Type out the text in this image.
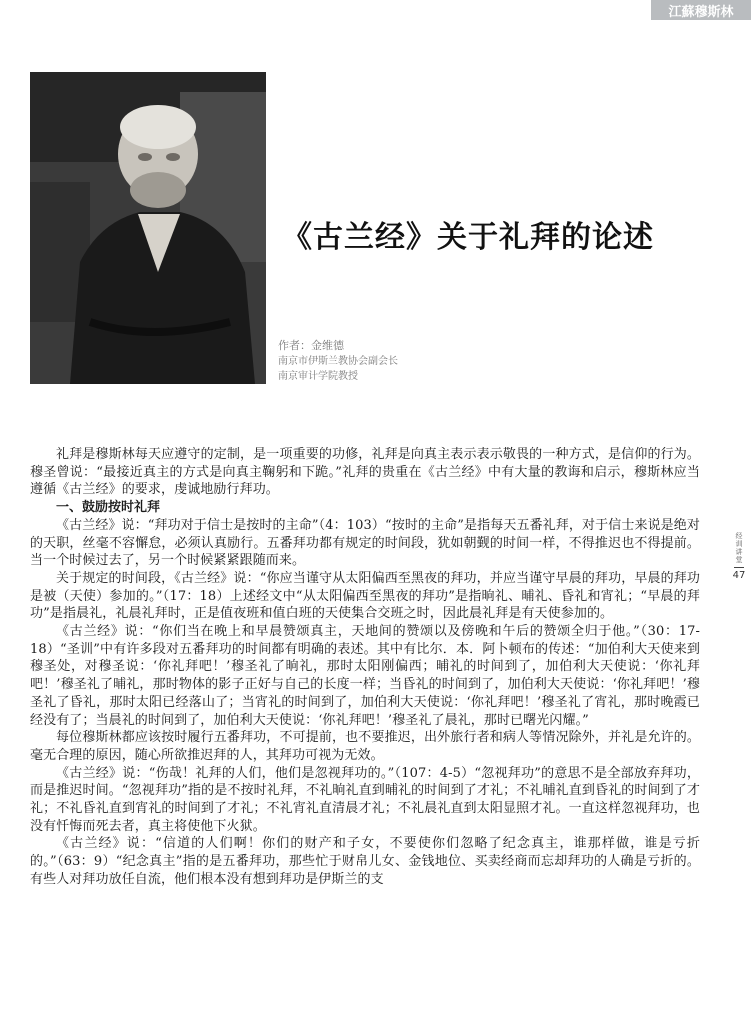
江蘇穆斯林
《古兰经》关于礼拜的论述
作者：金维德
南京市伊斯兰教协会副会长
南京审计学院教授
经训讲堂
47

礼拜是穆斯林每天应遵守的定制，是一项重要的功修，礼拜是向真主表示表示敬畏的一种方式，是信仰的行为。穆圣曾说：“最接近真主的方式是向真主鞠躬和下跪。”礼拜的贵重在《古兰经》中有大量的教诲和启示，穆斯林应当遵循《古兰经》的要求，虔诚地励行拜功。

一、鼓励按时礼拜

《古兰经》说：“拜功对于信士是按时的主命”（4：103）“按时的主命”是指每天五番礼拜，对于信士来说是绝对的天职，丝毫不容懈怠，必须认真励行。五番拜功都有规定的时间段，犹如朝觐的时间一样，不得推迟也不得提前。当一个时候过去了，另一个时候紧紧跟随而来。

关于规定的时间段，《古兰经》说：“你应当谨守从太阳偏西至黑夜的拜功，并应当谨守早晨的拜功，早晨的拜功是被（天使）参加的。”（17：18）上述经文中“从太阳偏西至黑夜的拜功”是指晌礼、晡礼、昏礼和宵礼；“早晨的拜功”是指晨礼，礼晨礼拜时，正是值夜班和值白班的天使集合交班之时，因此晨礼拜是有天使参加的。

《古兰经》说：“你们当在晚上和早晨赞颂真主，天地间的赞颂以及傍晚和午后的赞颂全归于他。”（30：17-18）“圣训”中有许多段对五番拜功的时间都有明确的表述。其中有比尔．本．阿卜顿布的传述：“加伯利大天使来到穆圣处，对穆圣说：‘你礼拜吧！’穆圣礼了晌礼，那时太阳刚偏西；晡礼的时间到了，加伯利大天使说：‘你礼拜吧！’穆圣礼了晡礼，那时物体的影子正好与自己的长度一样；当昏礼的时间到了，加伯利大天使说：‘你礼拜吧！’穆圣礼了昏礼，那时太阳已经落山了；当宵礼的时间到了，加伯利大天使说：‘你礼拜吧！’穆圣礼了宵礼，那时晚霞已经没有了；当晨礼的时间到了，加伯利大天使说：‘你礼拜吧！’穆圣礼了晨礼，那时已曙光闪耀。”

每位穆斯林都应该按时履行五番拜功，不可提前，也不要推迟，出外旅行者和病人等情况除外，并礼是允许的。毫无合理的原因，随心所欲推迟拜的人，其拜功可视为无效。

《古兰经》说：“伤哉！礼拜的人们，他们是忽视拜功的。”（107：4-5）“忽视拜功”的意思不是全部放弃拜功，而是推迟时间。“忽视拜功”指的是不按时礼拜，不礼晌礼直到晡礼的时间到了才礼；不礼晡礼直到昏礼的时间到了才礼；不礼昏礼直到宵礼的时间到了才礼；不礼宵礼直清晨才礼；不礼晨礼直到太阳显照才礼。一直这样忽视拜功，也没有忏悔而死去者，真主将使他下火狱。

《古兰经》说：“信道的人们啊！你们的财产和子女，不要使你们忽略了纪念真主，谁那样做，谁是亏折的。”（63：9）“纪念真主”指的是五番拜功，那些忙于财帛儿女、金钱地位、买卖经商而忘却拜功的人确是亏折的。有些人对拜功放任自流，他们根本没有想到拜功是伊斯兰的支
